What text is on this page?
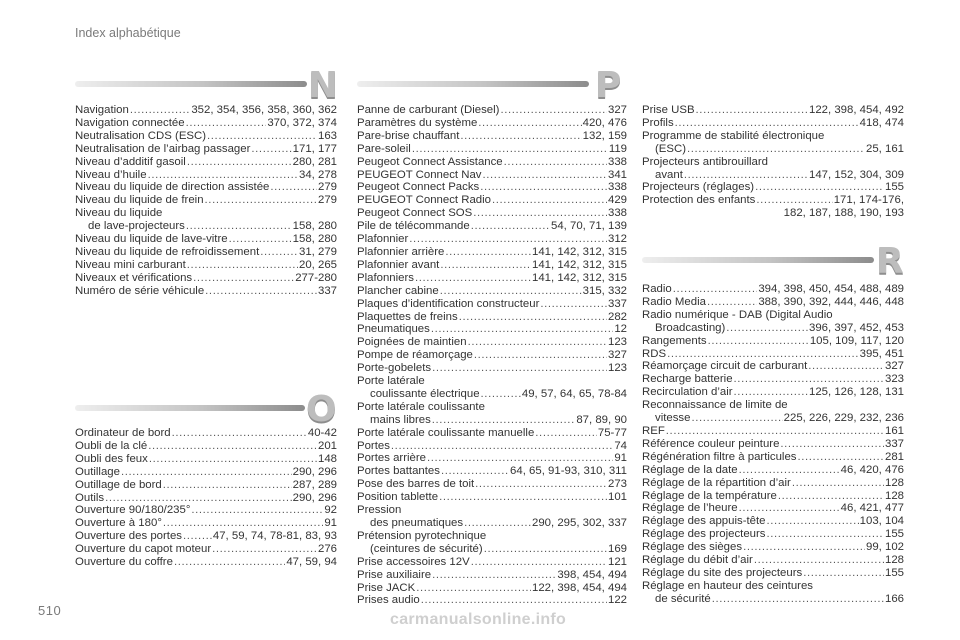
Index alphabétique
N
Navigation .....	352, 354, 356, 358, 360, 362
Navigation connectée .....	370, 372, 374
Neutralisation CDS (ESC) .....	163
Neutralisation de l’airbag passager .....	171, 177
Niveau d’additif gasoil .....	280, 281
Niveau d’huile .....	34, 278
Niveau du liquide de direction assistée .....	279
Niveau du liquide de frein .....	279
Niveau du liquide
de lave-projecteurs .....	158, 280
Niveau du liquide de lave-vitre .....	158, 280
Niveau du liquide de refroidissement .....	31, 279
Niveau mini carburant .....	20, 265
Niveaux et vérifications .....	277-280
Numéro de série véhicule .....	337
O
Ordinateur de bord .....	40-42
Oubli de la clé .....	201
Oubli des feux .....	148
Outillage .....	290, 296
Outillage de bord .....	287, 289
Outils .....	290, 296
Ouverture 90/180/235° .....	92
Ouverture à 180° .....	91
Ouverture des portes .....	47, 59, 74, 78-81, 83, 93
Ouverture du capot moteur .....	276
Ouverture du coffre .....	47, 59, 94
P
Panne de carburant (Diesel) .....	327
Paramètres du système .....	420, 476
Pare-brise chauffant .....	132, 159
Pare-soleil .....	119
Peugeot Connect Assistance .....	338
PEUGEOT Connect Nav .....	341
Peugeot Connect Packs .....	338
PEUGEOT Connect Radio .....	429
Peugeot Connect SOS .....	338
Pile de télécommande .....	54, 70, 71, 139
Plafonnier .....	312
Plafonnier arrière .....	141, 142, 312, 315
Plafonnier avant .....	141, 142, 312, 315
Plafonniers .....	141, 142, 312, 315
Plancher cabine .....	315, 332
Plaques d’identification constructeur .....	337
Plaquettes de freins .....	282
Pneumatiques .....	12
Poignées de maintien .....	123
Pompe de réamorçage .....	327
Porte-gobelets .....	123
Porte latérale
coulissante électrique .....	49, 57, 64, 65, 78-84
Porte latérale coulissante
mains libres .....	87, 89, 90
Porte latérale coulissante manuelle .....	75-77
Portes .....	74
Portes arrière .....	91
Portes battantes .....	64, 65, 91-93, 310, 311
Pose des barres de toit .....	273
Position tablette .....	101
Pression
des pneumatiques .....	290, 295, 302, 337
Prétension pyrotechnique
(ceintures de sécurité) .....	169
Prise accessoires 12V .....	121
Prise auxiliaire .....	398, 454, 494
Prise JACK .....	122, 398, 454, 494
Prises audio .....	122
Prise USB .....	122, 398, 454, 492
Profils .....	418, 474
Programme de stabilité électronique
(ESC) .....	25, 161
Projecteurs antibrouillard
avant .....	147, 152, 304, 309
Projecteurs (réglages) .....	155
Protection des enfants .....	171, 174-176,
182, 187, 188, 190, 193
R
Radio .....	394, 398, 450, 454, 488, 489
Radio Media .....	388, 390, 392, 444, 446, 448
Radio numérique - DAB (Digital Audio
Broadcasting) .....	396, 397, 452, 453
Rangements .....	105, 109, 117, 120
RDS .....	395, 451
Réamorçage circuit de carburant .....	327
Recharge batterie .....	323
Recirculation d’air .....	125, 126, 128, 131
Reconnaissance de limite de
vitesse .....	225, 226, 229, 232, 236
REF .....	161
Référence couleur peinture .....	337
Régénération filtre à particules .....	281
Réglage de la date .....	46, 420, 476
Réglage de la répartition d’air .....	128
Réglage de la température .....	128
Réglage de l’heure .....	46, 421, 477
Réglage des appuis-tête .....	103, 104
Réglage des projecteurs .....	155
Réglage des sièges .....	99, 102
Réglage du débit d’air .....	128
Réglage du site des projecteurs .....	155
Réglage en hauteur des ceintures
de sécurité .....	166
510
carmanualsonline.info
